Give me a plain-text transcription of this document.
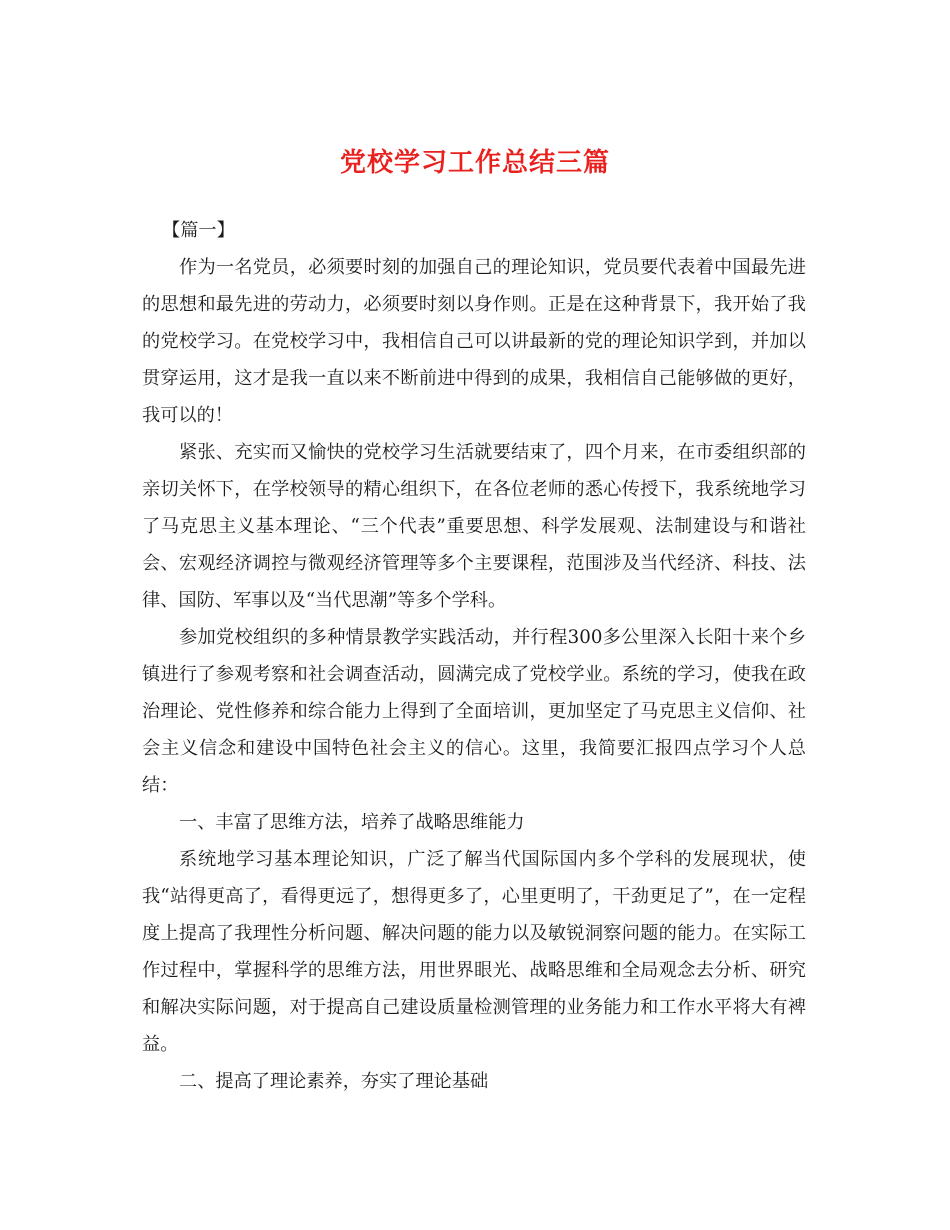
党校学习工作总结三篇

【篇一】

作为一名党员，必须要时刻的加强自己的理论知识，党员要代表着中国最先进的思想和最先进的劳动力，必须要时刻以身作则。正是在这种背景下，我开始了我的党校学习。在党校学习中，我相信自己可以讲最新的党的理论知识学到，并加以贯穿运用，这才是我一直以来不断前进中得到的成果，我相信自己能够做的更好，我可以的！

紧张、充实而又愉快的党校学习生活就要结束了，四个月来，在市委组织部的亲切关怀下，在学校领导的精心组织下，在各位老师的悉心传授下，我系统地学习了马克思主义基本理论、“三个代表”重要思想、科学发展观、法制建设与和谐社会、宏观经济调控与微观经济管理等多个主要课程，范围涉及当代经济、科技、法律、国防、军事以及“当代思潮”等多个学科。

参加党校组织的多种情景教学实践活动，并行程300多公里深入长阳十来个乡镇进行了参观考察和社会调查活动，圆满完成了党校学业。系统的学习，使我在政治理论、党性修养和综合能力上得到了全面培训，更加坚定了马克思主义信仰、社会主义信念和建设中国特色社会主义的信心。这里，我简要汇报四点学习个人总结：

一、丰富了思维方法，培养了战略思维能力

系统地学习基本理论知识，广泛了解当代国际国内多个学科的发展现状，使我“站得更高了，看得更远了，想得更多了，心里更明了，干劲更足了”，在一定程度上提高了我理性分析问题、解决问题的能力以及敏锐洞察问题的能力。在实际工作过程中，掌握科学的思维方法，用世界眼光、战略思维和全局观念去分析、研究和解决实际问题，对于提高自己建设质量检测管理的业务能力和工作水平将大有裨益。

二、提高了理论素养，夯实了理论基础
